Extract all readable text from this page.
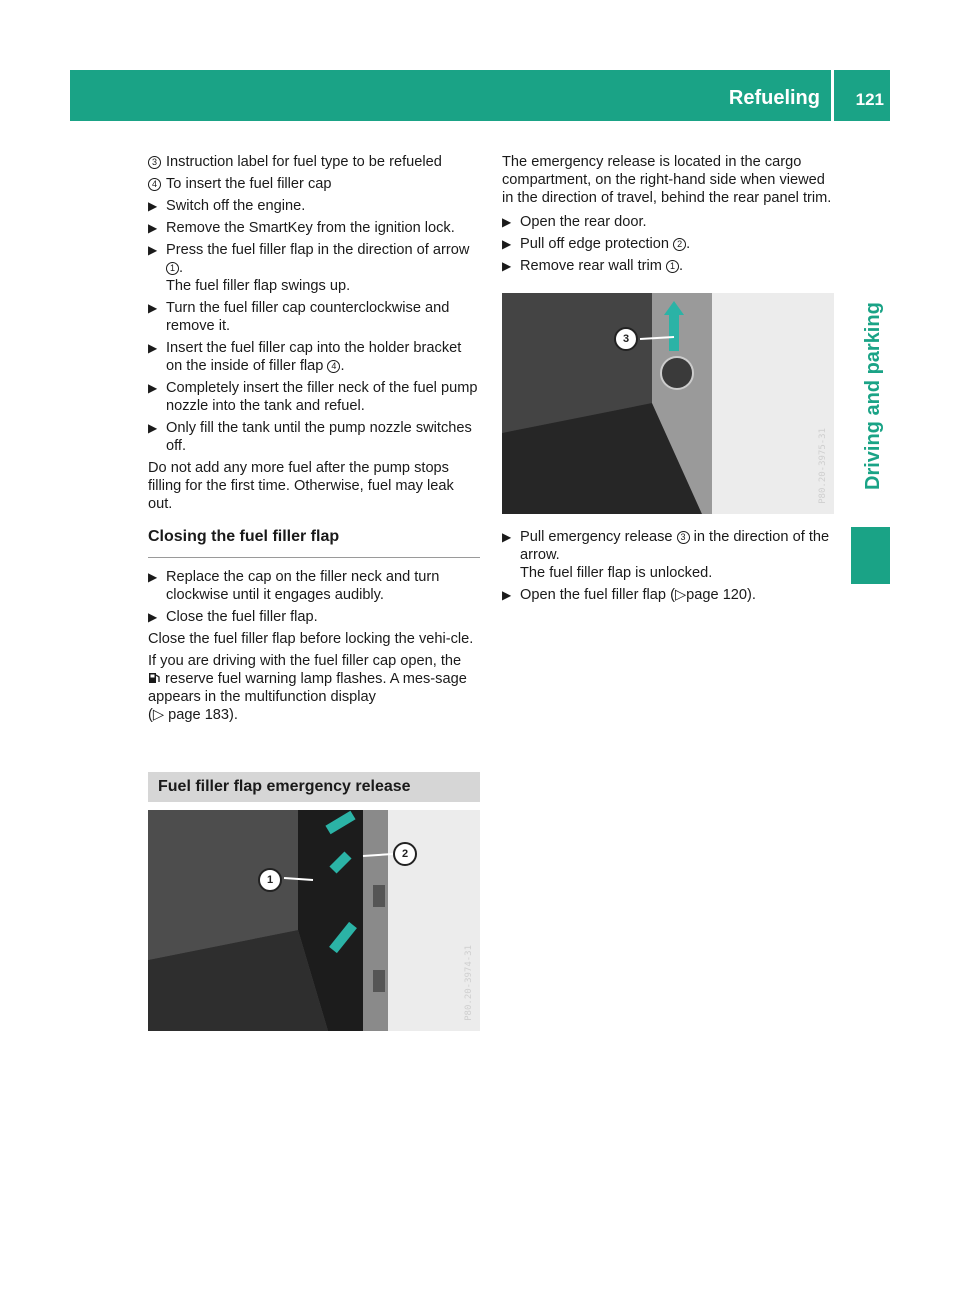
Refueling 121
Driving and parking
3 Instruction label for fuel type to be refueled
4 To insert the fuel filler cap
▶ Switch off the engine.
▶ Remove the SmartKey from the ignition lock.
▶ Press the fuel filler flap in the direction of arrow 1 .
The fuel filler flap swings up.
▶ Turn the fuel filler cap counterclockwise and remove it.
▶ Insert the fuel filler cap into the holder bracket on the inside of filler flap 4 .
▶ Completely insert the filler neck of the fuel pump nozzle into the tank and refuel.
▶ Only fill the tank until the pump nozzle switches off.

Do not add any more fuel after the pump stops filling for the first time. Otherwise, fuel may leak out.

Closing the fuel filler flap
▶ Replace the cap on the filler neck and turn clockwise until it engages audibly.
▶ Close the fuel filler flap.

Close the fuel filler flap before locking the vehi-cle.

If you are driving with the fuel filler cap open, the
reserve fuel warning lamp flashes. A mes-sage appears in the multifunction display
(▷ page 183).

Fuel filler flap emergency release
1
2
P80.20-3974-31

The emergency release is located in the cargo compartment, on the right-hand side when viewed in the direction of travel, behind the rear panel trim.

▶ Open the rear door.
▶ Pull off edge protection 2 .
▶ Remove rear wall trim 1 .
3
P80.20-3975-31
▶ Pull emergency release 3 in the direction of the arrow.
The fuel filler flap is unlocked.
▶ Open the fuel filler flap (▷page 120).
